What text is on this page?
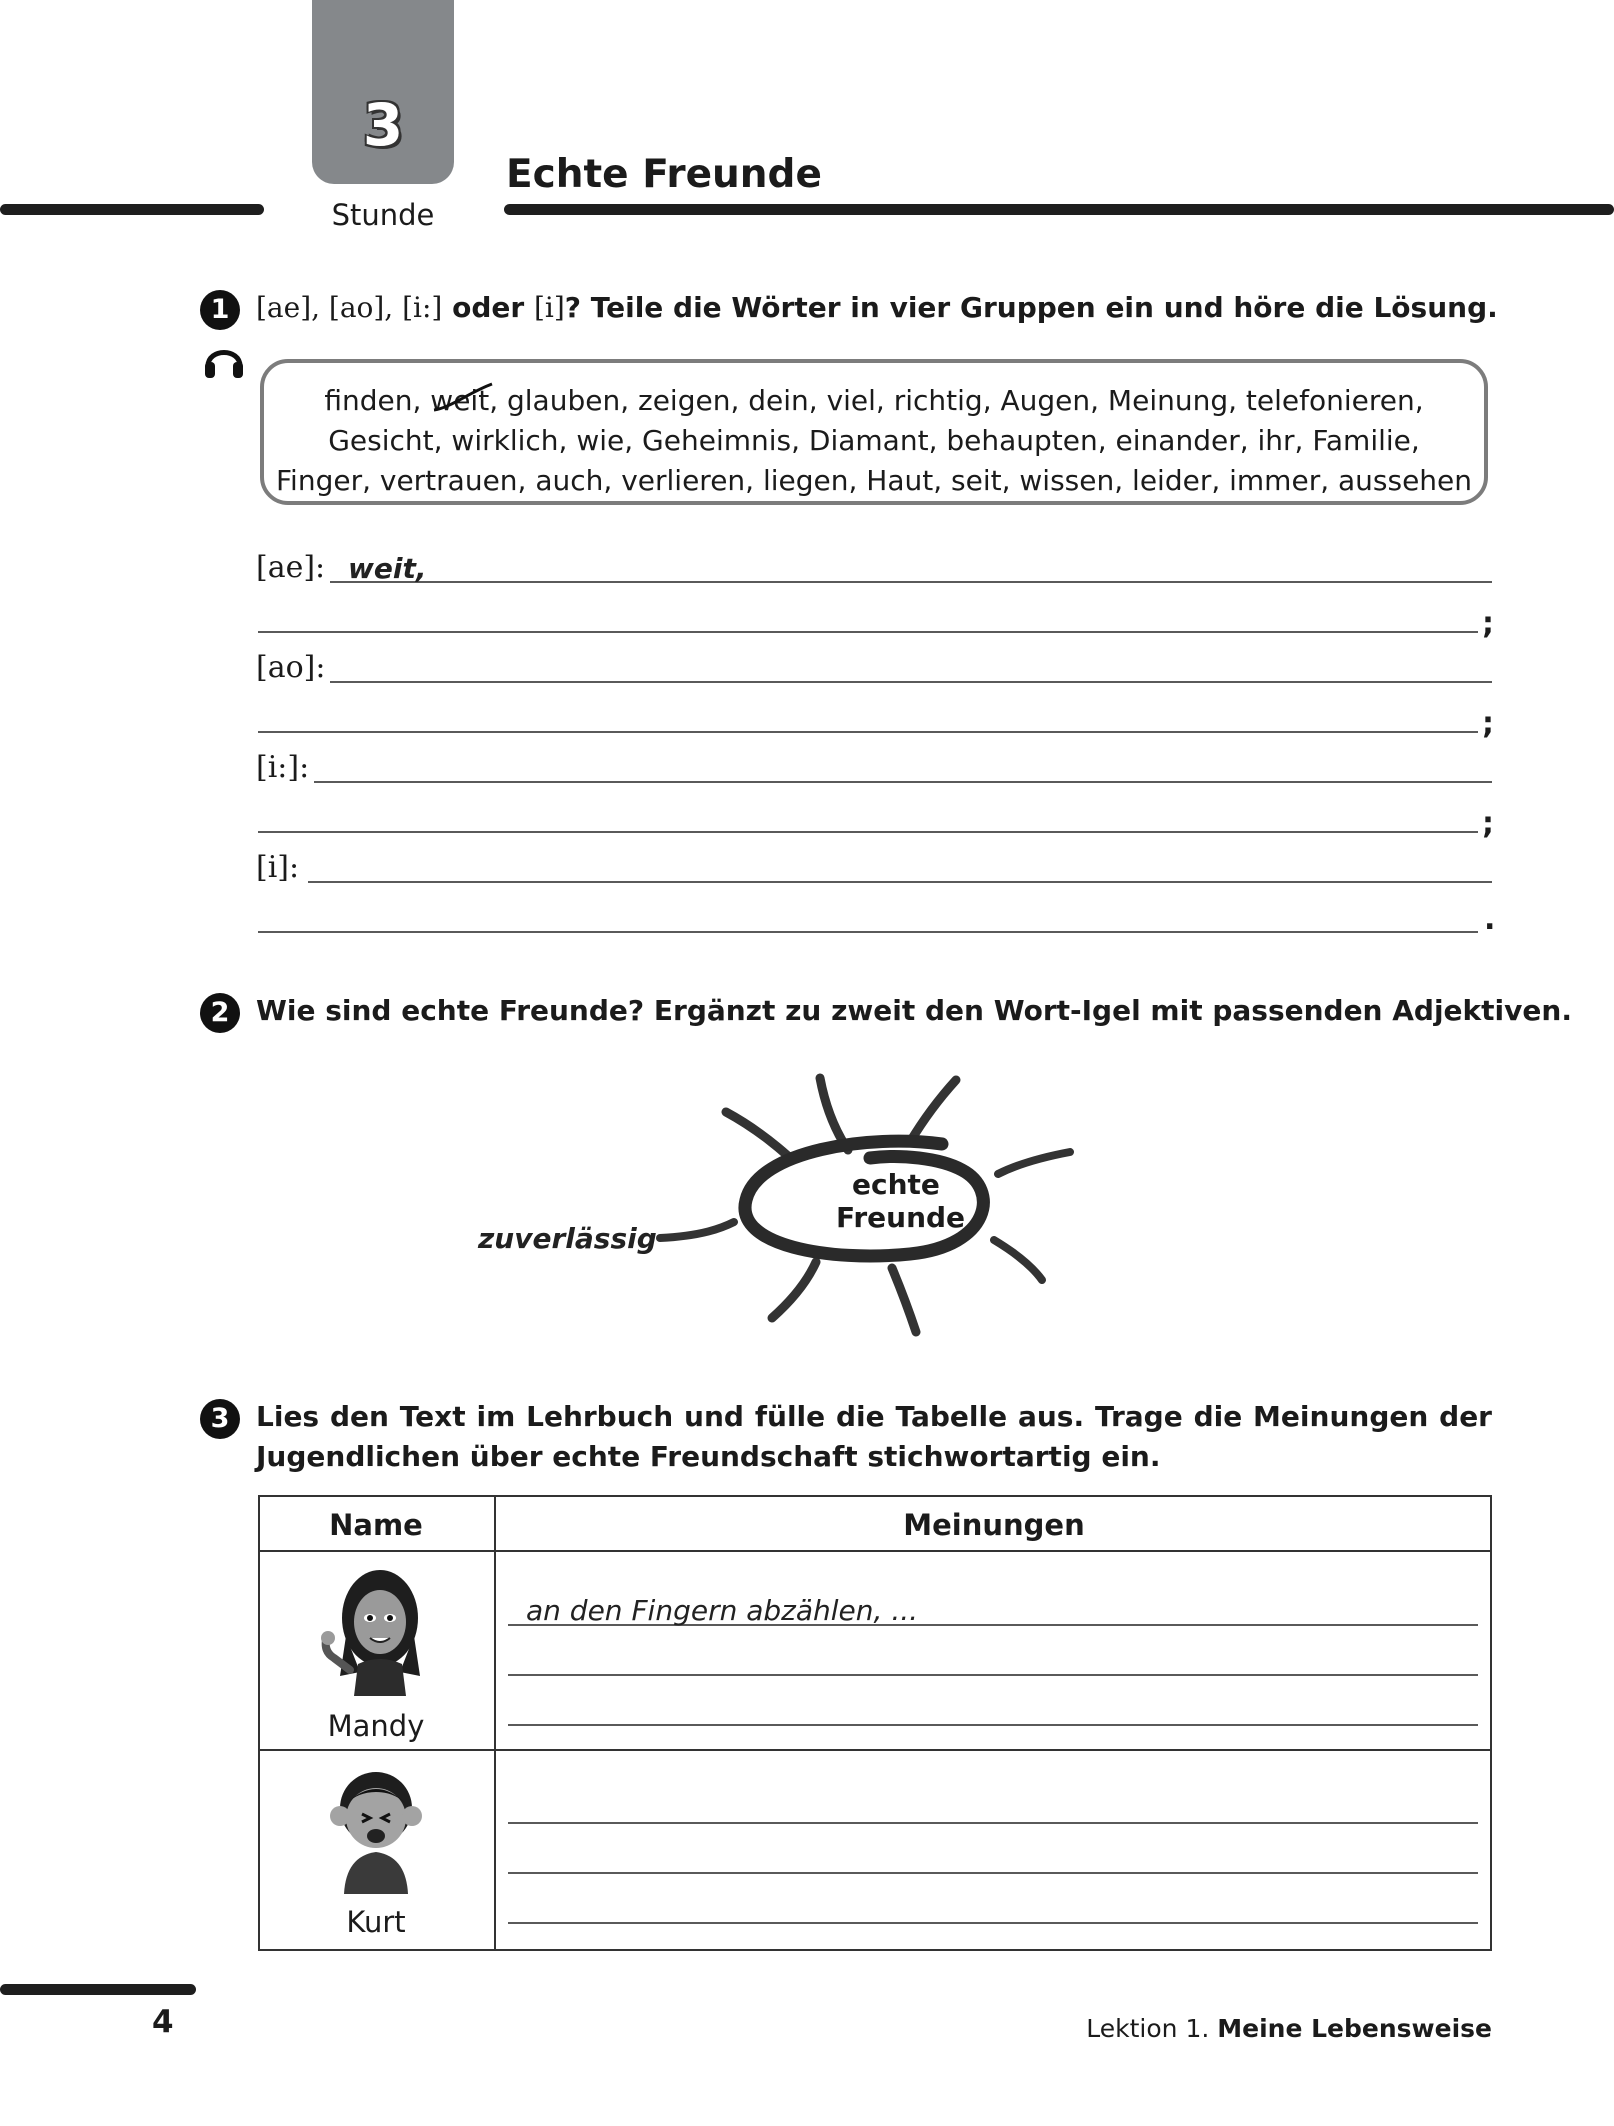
3
Stunde
Echte Freunde
1 [ae], [ao], [i:] oder [i]? Teile die Wörter in vier Gruppen ein und höre die Lösung.
finden, weit
, glauben, zeigen, dein, viel, richtig, Augen, Meinung, telefonieren,
Gesicht, wirklich, wie, Geheimnis, Diamant, behaupten, einander, ihr, Familie,
Finger, vertrauen, auch, verlieren, liegen, Haut, seit, wissen, leider, immer, aussehen
[ae]: weit,
;
[ao]:
;
[i:]:
;
[i]:
.
2 Wie sind echte Freunde? Ergänzt zu zweit den Wort-Igel mit passenden Adjektiven.
echte
Freunde
zuverlässig
3 Lies den Text im Lehrbuch und fülle die Tabelle aus. Trage die Meinungen der
Jugendlichen über echte Freundschaft stichwortartig ein.
Name	Meinungen
Mandy
an den Fingern abzählen, ...
Kurt
4	Lektion 1. Meine Lebensweise
